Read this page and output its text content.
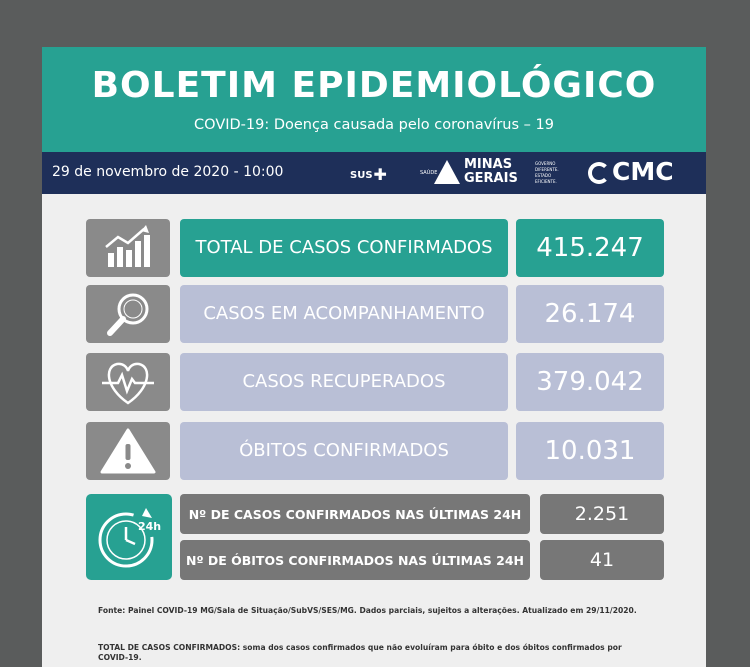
BOLETIM EPIDEMIOLÓGICO
COVID-19: Doença causada pelo coronavírus – 19
29 de novembro de 2020 - 10:00	SUS✚	SAÚDE
MINAS
GERAIS
GOVERNO
DIFERENTE.
ESTADO
EFICIENTE.	CMC
TOTAL DE CASOS CONFIRMADOS	415.247
CASOS EM ACOMPANHAMENTO	26.174
CASOS RECUPERADOS	379.042
ÓBITOS CONFIRMADOS	10.031
24h
Nº DE CASOS CONFIRMADOS NAS ÚLTIMAS 24H	2.251
Nº DE ÓBITOS CONFIRMADOS NAS ÚLTIMAS 24H	41
Fonte: Painel COVID-19 MG/Sala de Situação/SubVS/SES/MG. Dados parciais, sujeitos a alterações. Atualizado em 29/11/2020.
TOTAL DE CASOS CONFIRMADOS: soma dos casos confirmados que não evoluíram para óbito e dos óbitos confirmados por COVID-19.
